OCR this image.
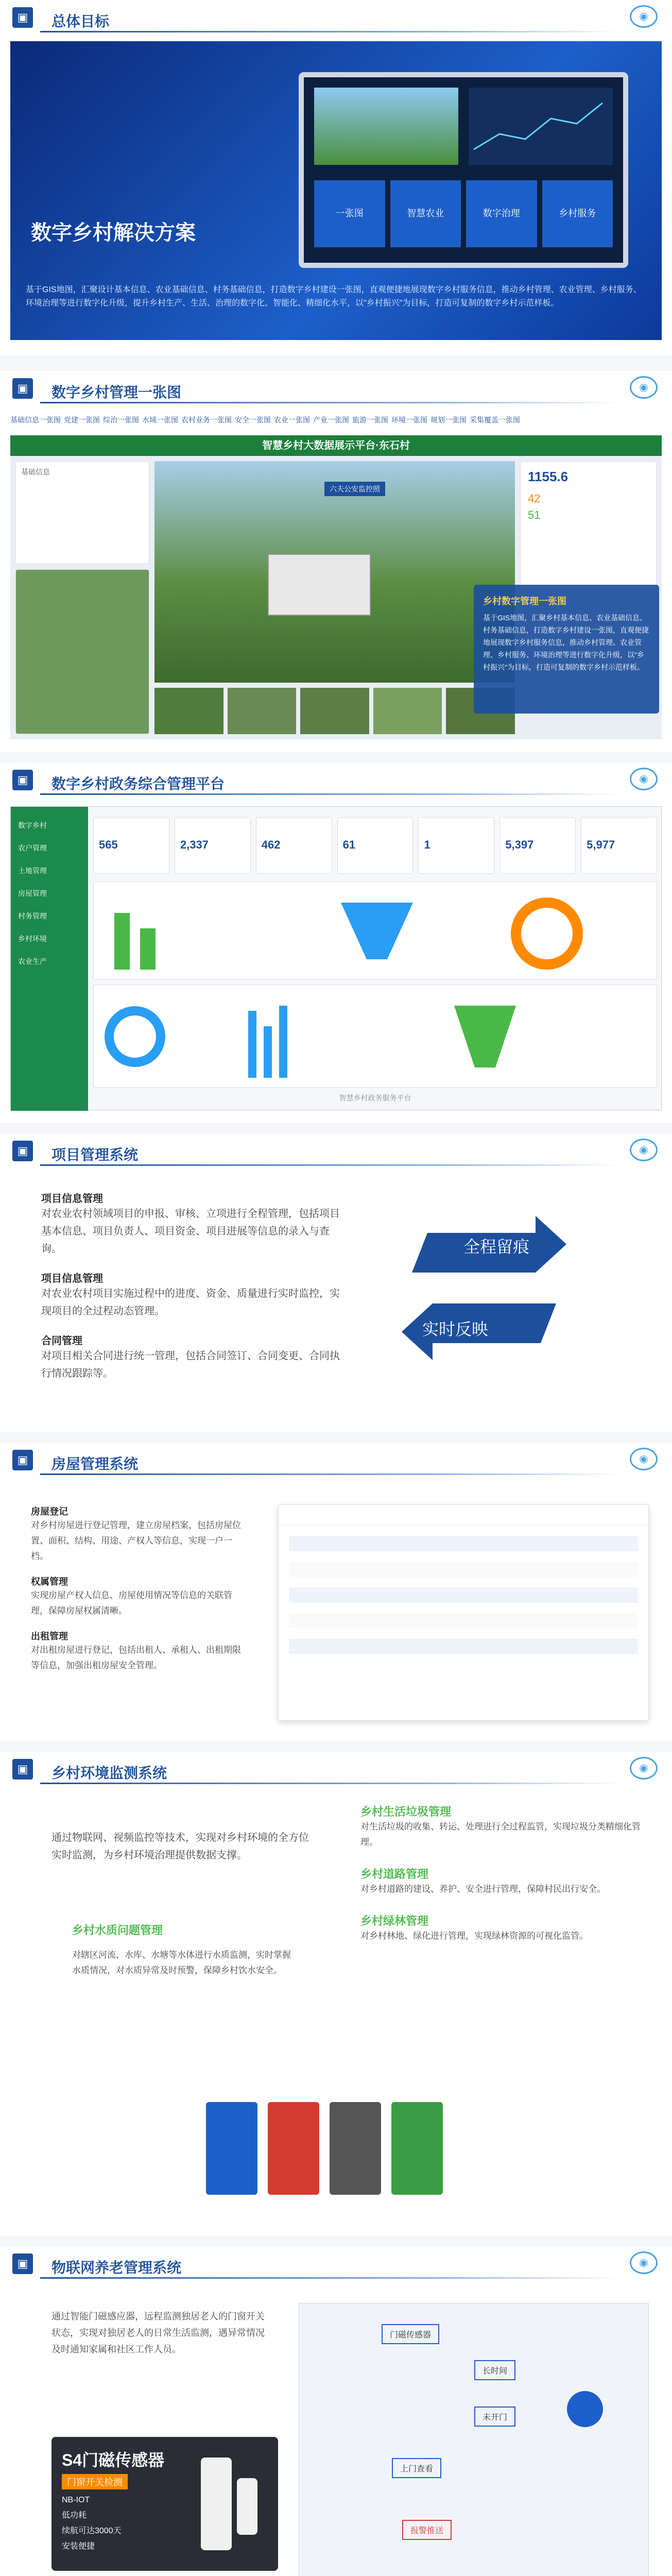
▣	总体目标	◉
数字乡村解决方案
一张图	智慧农业	数字治理	乡村服务
基于GIS地图，汇聚设计基本信息、农业基础信息、村务基础信息，打造数字乡村建设一张图，直观便捷地展现数字乡村服务信息，推动乡村管理、农业管理、乡村服务、环境治理等进行数字化升级，提升乡村生产、生活、治理的数字化、智能化、精细化水平，以"乡村振兴"为目标，打造可复制的数字乡村示范样板。
▣	数字乡村管理一张图	◉
基础信息一张图 党建一张图 综治一张图 水域一张图 农村业务一张图 安全一张图 农业一张图 产业一张图 旅游一张图 环境一张图 规划一张图 采集覆盖一张图
智慧乡村大数据展示平台·东石村
基础信息
六夫公安监控照
1155.6
42
51
乡村数字管理一张图
基于GIS地图，汇聚乡村基本信息、农业基础信息、村务基础信息，打造数字乡村建设一张图，直观便捷地展现数字乡村服务信息，推动乡村管理、农业管理、乡村服务、环境治理等进行数字化升级，以"乡村振兴"为目标，打造可复制的数字乡村示范样板。
▣	数字乡村政务综合管理平台	◉
数字乡村
农户管理
土地管理
房屋管理
村务管理
乡村环境
农业生产
565	2,337	462	61	1	5,397	5,977
智慧乡村政务服务平台
▣	项目管理系统	◉
项目信息管理
对农业农村领域项目的申报、审核、立项进行全程管理，包括项目基本信息、项目负责人、项目资金、项目进展等信息的录入与查询。
项目信息管理
对农业农村项目实施过程中的进度、资金、质量进行实时监控，实现项目的全过程动态管理。
合同管理
对项目相关合同进行统一管理，包括合同签订、合同变更、合同执行情况跟踪等。
全程留痕
实时反映
▣	房屋管理系统	◉
房屋登记
对乡村房屋进行登记管理，建立房屋档案，包括房屋位置、面积、结构、用途、产权人等信息，实现一户一档。
权属管理
实现房屋产权人信息、房屋使用情况等信息的关联管理，保障房屋权属清晰。
出租管理
对出租房屋进行登记，包括出租人、承租人、出租期限等信息，加强出租房屋安全管理。
▣	乡村环境监测系统	◉
通过物联网、视频监控等技术，实现对乡村环境的全方位实时监测，为乡村环境治理提供数据支撑。
乡村水质问题管理
对辖区河流、水库、水塘等水体进行水质监测，实时掌握水质情况，对水质异常及时预警，保障乡村饮水安全。
乡村生活垃圾管理
对生活垃圾的收集、转运、处理进行全过程监管，实现垃圾分类精细化管理。
乡村道路管理
对乡村道路的建设、养护、安全进行管理，保障村民出行安全。
乡村绿林管理
对乡村林地、绿化进行管理，实现绿林资源的可视化监管。
▣	物联网养老管理系统	◉
通过智能门磁感应器，远程监测独居老人的门窗开关状态，实现对独居老人的日常生活监测，遇异常情况及时通知家属和社区工作人员。
S4门磁传感器
门窗开关检测
NB-IOT
低功耗
续航可达3000天
安装便捷
门磁传感器
长时间
未开门
上门查看
报警推送
